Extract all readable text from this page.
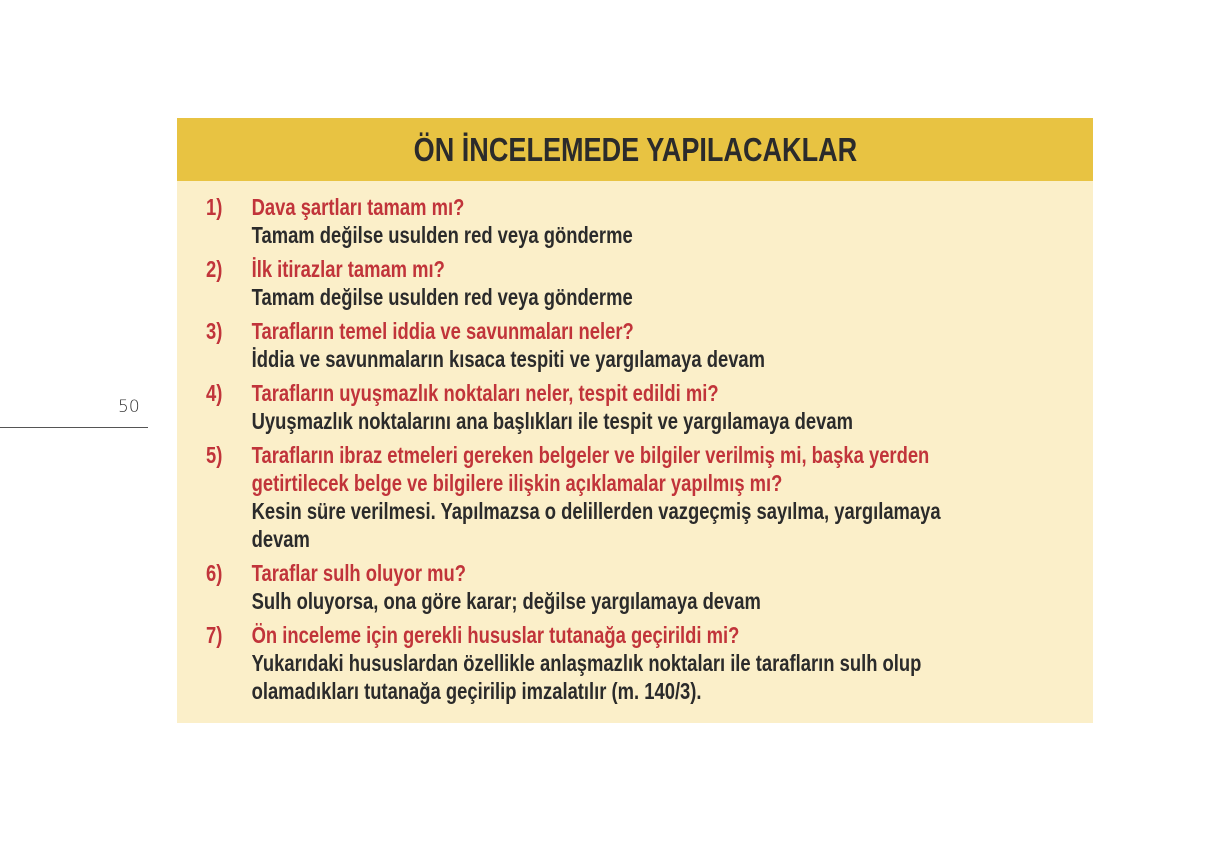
50
ÖN İNCELEMEDE YAPILACAKLAR
1)	Dava şartları tamam mı?
Tamam değilse usulden red veya gönderme
2)	İlk itirazlar tamam mı?
Tamam değilse usulden red veya gönderme
3)	Tarafların temel iddia ve savunmaları neler?
İddia ve savunmaların kısaca tespiti ve yargılamaya devam
4)	Tarafların uyuşmazlık noktaları neler, tespit edildi mi?
Uyuşmazlık noktalarını ana başlıkları ile tespit ve yargılamaya devam
5)	Tarafların ibraz etmeleri gereken belgeler ve bilgiler verilmiş mi, başka yerden
getirtilecek belge ve bilgilere ilişkin açıklamalar yapılmış mı?
Kesin süre verilmesi. Yapılmazsa o delillerden vazgeçmiş sayılma, yargılamaya
devam
6)	Taraflar sulh oluyor mu?
Sulh oluyorsa, ona göre karar; değilse yargılamaya devam
7)	Ön inceleme için gerekli hususlar tutanağa geçirildi mi?
Yukarıdaki hususlardan özellikle anlaşmazlık noktaları ile tarafların sulh olup
olamadıkları tutanağa geçirilip imzalatılır (m. 140/3).
